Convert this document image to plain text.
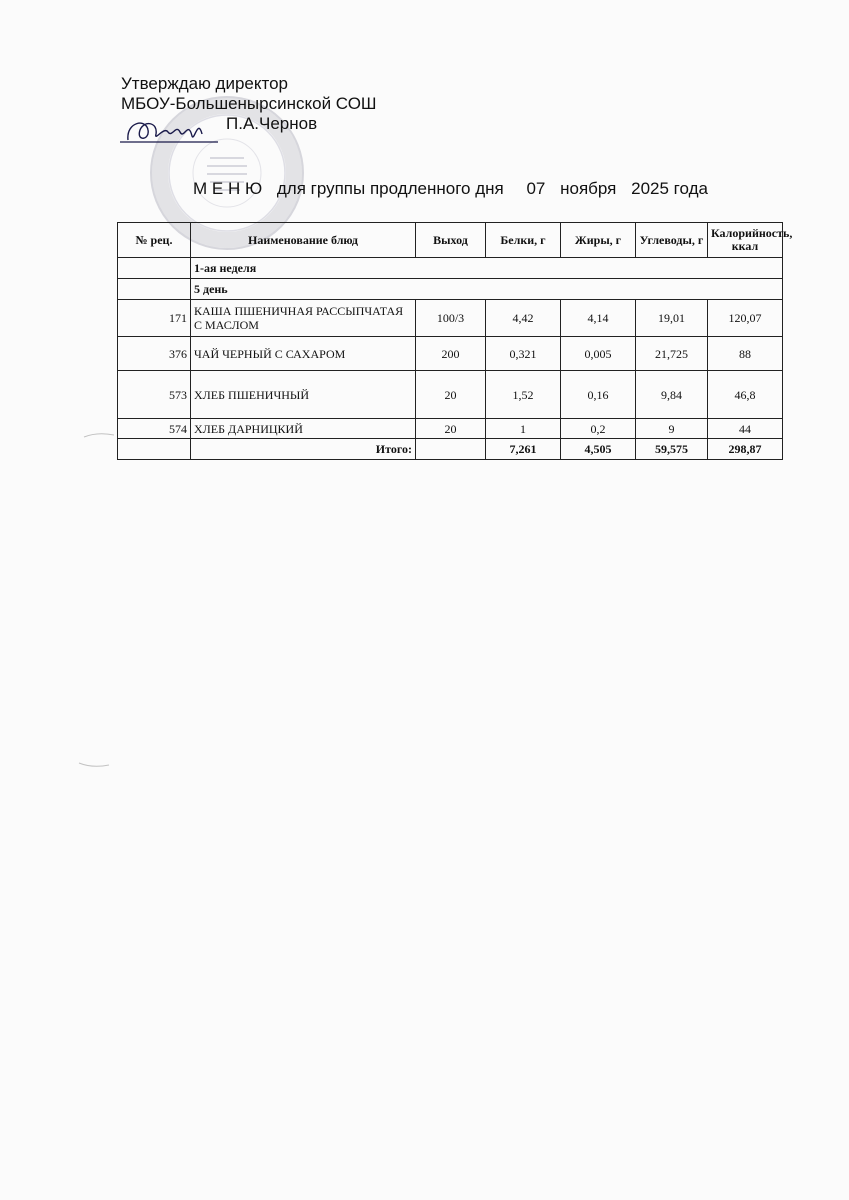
Утверждаю директор
МБОУ-Большенырсинской СОШ
П.А.Чернов
М Е Н Ю для группы продленного дня 07 ноября 2025 года
№ рец.	Наименование блюд	Выход	Белки, г	Жиры, г	Углеводы, г	Калорийность, ккал
	1-ая неделя					
	5 день					
171	КАША ПШЕНИЧНАЯ РАССЫПЧАТАЯ С МАСЛОМ	100/3	4,42	4,14	19,01	120,07
376	ЧАЙ ЧЕРНЫЙ С САХАРОМ	200	0,321	0,005	21,725	88
573	ХЛЕБ ПШЕНИЧНЫЙ	20	1,52	0,16	9,84	46,8
574	ХЛЕБ ДАРНИЦКИЙ	20	1	0,2	9	44
	Итого:		7,261	4,505	59,575	298,87
